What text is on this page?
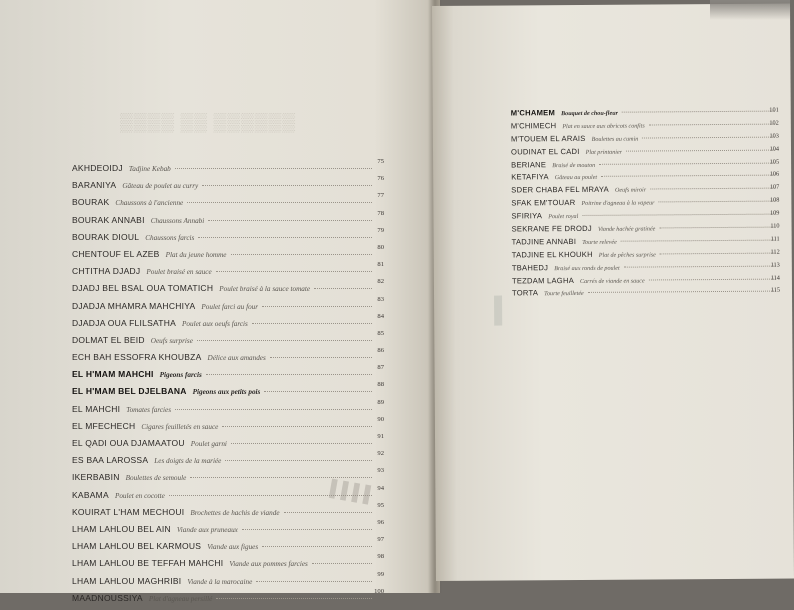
▒▒▒▒ ▒▒ ▒▒▒▒▒▒
▌▌▌▌
AKHDEOIDJ Tadjine Kebab
75
BARANIYA Gâteau de poulet au curry
76
BOURAK Chaussons à l'ancienne
77
BOURAK ANNABI Chaussons Annabi
78
BOURAK DIOUL Chaussons farcis
79
CHENTOUF EL AZEB Plat du jeune homme
80
CHTITHA DJADJ Poulet braisé en sauce
81
DJADJ BEL BSAL OUA TOMATICH Poulet braisé à la sauce tomate
82
DJADJA MHAMRA MAHCHIYA Poulet farci au four
83
DJADJA OUA FLILSATHA Poulet aux oeufs farcis
84
DOLMAT EL BEID Oeufs surprise
85
ECH BAH ESSOFRA KHOUBZA Délice aux amandes
86
EL H'MAM MAHCHI Pigeons farcis
87
EL H'MAM BEL DJELBANA Pigeons aux petits pois
88
EL MAHCHI Tomates farcies
89
EL MFECHECH Cigares feuilletés en sauce
90
EL QADI OUA DJAMAATOU Poulet garni
91
ES BAA LAROSSA Les doigts de la mariée
92
IKERBABIN Boulettes de semoule
93
KABAMA Poulet en cocotte
94
KOUIRAT L'HAM MECHOUI Brochettes de hachis de viande
95
LHAM LAHLOU BEL AIN Viande aux pruneaux
96
LHAM LAHLOU BEL KARMOUS Viande aux figues
97
LHAM LAHLOU BE TEFFAH MAHCHI Viande aux pommes farcies
98
LHAM LAHLOU MAGHRIBI Viande à la marocaine
99
MAADNOUSSIYA Plat d'agneau persillé
100
M'CHAMEM Bouquet de chou-fleur
101
M'CHIMECH Plat en sauce aux abricots confits
102
M'TOUEM EL ARAIS Boulettes au cumin
103
OUDINAT EL CADI Plat printanier
104
BERIANE Braisé de mouton
105
KETAFIYA Gâteau au poulet
106
SDER CHABA FEL MRAYA Oeufs miroir	107
SFAK EM'TOUAR Poitrine d'agneau à la vapeur
108
SFIRIYA Poulet royal
109
SEKRANE FE DRODJ Viande hachée gratinée
110
TADJINE ANNABI Tourte relevée
111
TADJINE EL KHOUKH Plat de pêches surprise	112
TBAHEDJ Braisé aux ronds de poulet
113
TEZDAM LAGHA Carrés de viande en sauce
114
TORTA Tourte feuilletée
115
